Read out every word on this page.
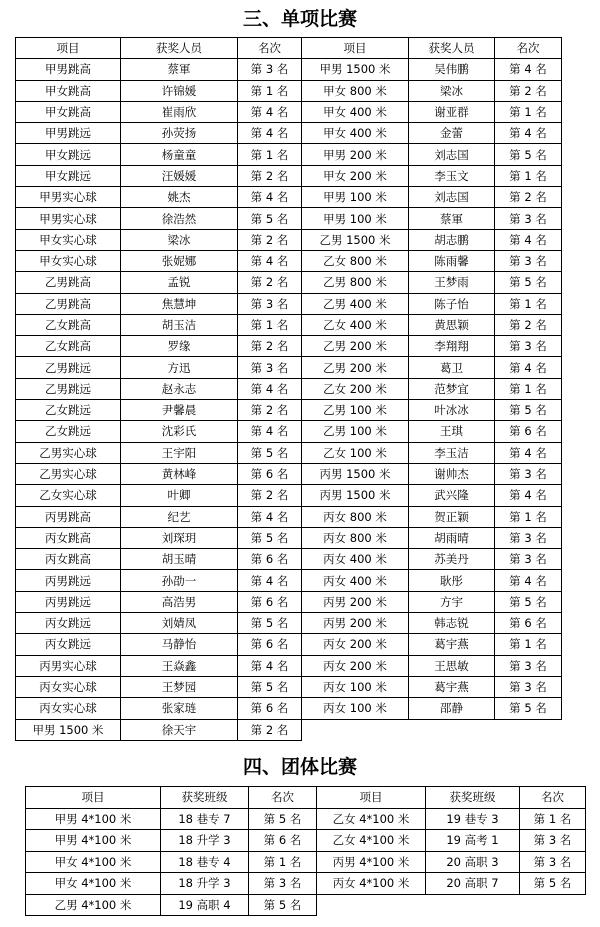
三、单项比赛
项目	获奖人员	名次	项目	获奖人员	名次
甲男跳高	蔡軍	第 3 名	甲男 1500 米	吴伟鹏	第 4 名
甲女跳高	许锦媛	第 1 名	甲女 800 米	梁冰	第 2 名
甲女跳高	崔雨欣	第 4 名	甲女 400 米	谢亚群	第 1 名
甲男跳远	孙荧扬	第 4 名	甲女 400 米	金蕾	第 4 名
甲女跳远	杨童童	第 1 名	甲男 200 米	刘志国	第 5 名
甲女跳远	汪媛媛	第 2 名	甲女 200 米	李玉文	第 1 名
甲男实心球	姚杰	第 4 名	甲男 100 米	刘志国	第 2 名
甲男实心球	徐浩然	第 5 名	甲男 100 米	蔡軍	第 3 名
甲女实心球	梁冰	第 2 名	乙男 1500 米	胡志鹏	第 4 名
甲女实心球	张妮娜	第 4 名	乙女 800 米	陈雨馨	第 3 名
乙男跳高	孟锐	第 2 名	乙男 800 米	王梦雨	第 5 名
乙男跳高	焦慧坤	第 3 名	乙男 400 米	陈子怡	第 1 名
乙女跳高	胡玉洁	第 1 名	乙女 400 米	黄思颖	第 2 名
乙女跳高	罗缘	第 2 名	乙男 200 米	李翔翔	第 3 名
乙男跳远	方迅	第 3 名	乙男 200 米	葛卫	第 4 名
乙男跳远	赵永志	第 4 名	乙女 200 米	范梦宜	第 1 名
乙女跳远	尹馨晨	第 2 名	乙男 100 米	叶冰冰	第 5 名
乙女跳远	沈彩氏	第 4 名	乙男 100 米	王琪	第 6 名
乙男实心球	王宇阳	第 5 名	乙女 100 米	李玉洁	第 4 名
乙男实心球	黄林峰	第 6 名	丙男 1500 米	谢帅杰	第 3 名
乙女实心球	叶卿	第 2 名	丙男 1500 米	武兴隆	第 4 名
丙男跳高	纪艺	第 4 名	丙女 800 米	贺正颖	第 1 名
丙女跳高	刘琛玥	第 5 名	丙女 800 米	胡雨晴	第 3 名
丙女跳高	胡玉晴	第 6 名	丙女 400 米	苏美丹	第 3 名
丙男跳远	孙劭一	第 4 名	丙女 400 米	耿彤	第 4 名
丙男跳远	高浩男	第 6 名	丙男 200 米	方宇	第 5 名
丙女跳远	刘婧凤	第 5 名	丙男 200 米	韩志锐	第 6 名
丙女跳远	马静怡	第 6 名	丙女 200 米	葛宇燕	第 1 名
丙男实心球	王焱鑫	第 4 名	丙女 200 米	王思敏	第 3 名
丙女实心球	王梦园	第 5 名	丙女 100 米	葛宇燕	第 3 名
丙女实心球	张家琏	第 6 名	丙女 100 米	邵静	第 5 名
甲男 1500 米	徐天宇	第 2 名			
四、团体比赛
项目	获奖班级	名次	项目	获奖班级	名次
甲男 4*100 米	18 巷专 7	第 5 名	乙女 4*100 米	19 巷专 3	第 1 名
甲男 4*100 米	18 升学 3	第 6 名	乙女 4*100 米	19 高考 1	第 3 名
甲女 4*100 米	18 巷专 4	第 1 名	丙男 4*100 米	20 高职 3	第 3 名
甲女 4*100 米	18 升学 3	第 3 名	丙女 4*100 米	20 高职 7	第 5 名
乙男 4*100 米	19 高职 4	第 5 名			
